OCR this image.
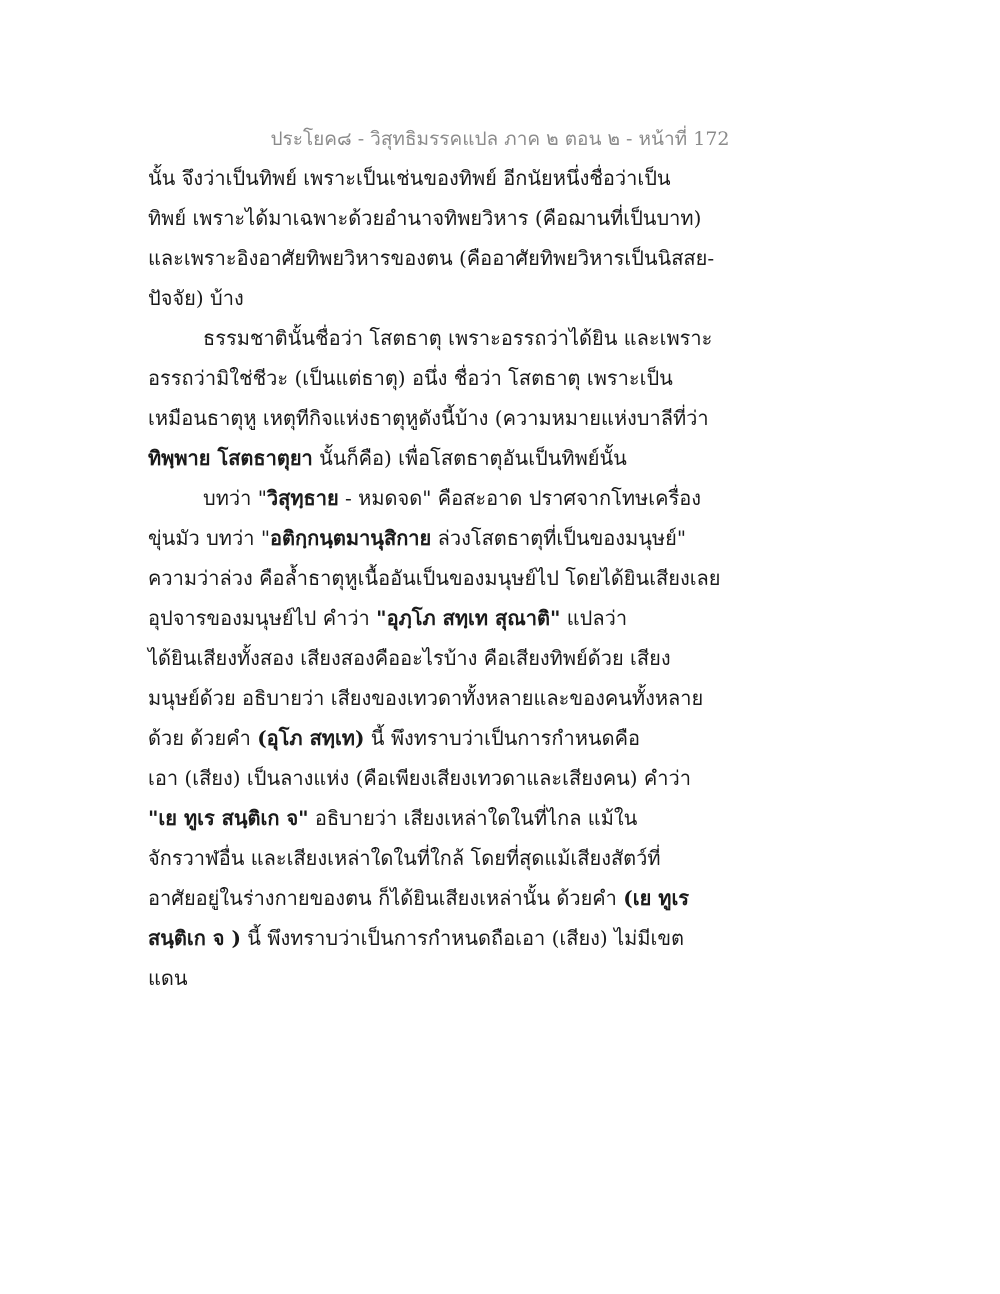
ประโยค๘ - วิสุทธิมรรคแปล ภาค ๒ ตอน ๒ - หน้าที่ 172
นั้น จึงว่าเป็นทิพย์ เพราะเป็นเช่นของทิพย์ อีกนัยหนึ่งชื่อว่าเป็น
ทิพย์ เพราะได้มาเฉพาะด้วยอำนาจทิพยวิหาร (คือฌานที่เป็นบาท)
และเพราะอิงอาศัยทิพยวิหารของตน (คืออาศัยทิพยวิหารเป็นนิสสย-
ปัจจัย) บ้าง
ธรรมชาตินั้นชื่อว่า โสตธาตุ เพราะอรรถว่าได้ยิน และเพราะ
อรรถว่ามิใช่ชีวะ (เป็นแต่ธาตุ) อนึ่ง ชื่อว่า โสตธาตุ เพราะเป็น
เหมือนธาตุหู เหตุทีกิจแห่งธาตุหูดังนี้บ้าง (ความหมายแห่งบาลีที่ว่า
ทิพฺพาย โสตธาตุยา นั้นก็คือ) เพื่อโสตธาตุอันเป็นทิพย์นั้น
บทว่า "วิสุทฺธาย - หมดจด" คือสะอาด ปราศจากโทษเครื่อง
ขุ่นมัว บทว่า "อติกฺกนฺตมานุสิกาย ล่วงโสตธาตุที่เป็นของมนุษย์"
ความว่าล่วง คือล้ำธาตุหูเนื้ออันเป็นของมนุษย์ไป โดยได้ยินเสียงเลย
อุปจารของมนุษย์ไป คำว่า "อุภฺโภ สทฺเท สุณาติ" แปลว่า
ได้ยินเสียงทั้งสอง เสียงสองคืออะไรบ้าง คือเสียงทิพย์ด้วย เสียง
มนุษย์ด้วย อธิบายว่า เสียงของเทวดาทั้งหลายและของคนทั้งหลาย
ด้วย ด้วยคำ (อุโภ สทฺเท) นี้ พึงทราบว่าเป็นการกำหนดคือ
เอา (เสียง) เป็นลางแห่ง (คือเพียงเสียงเทวดาและเสียงคน) คำว่า
"เย ทูเร สนฺติเก จ" อธิบายว่า เสียงเหล่าใดในที่ไกล แม้ใน
จักรวาฬอื่น และเสียงเหล่าใดในที่ใกล้ โดยที่สุดแม้เสียงสัตว์ที่
อาศัยอยู่ในร่างกายของตน ก็ได้ยินเสียงเหล่านั้น ด้วยคำ (เย ทูเร
สนฺติเก จ ) นี้ พึงทราบว่าเป็นการกำหนดถือเอา (เสียง) ไม่มีเขต
แดน
